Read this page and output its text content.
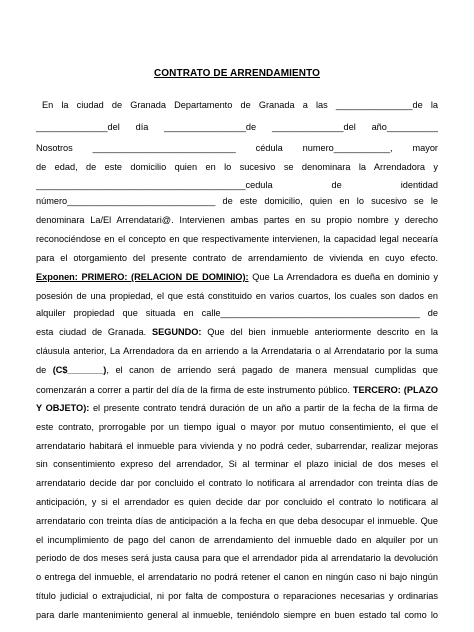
CONTRATO DE ARRENDAMIENTO
En la ciudad de Granada Departamento de Granada a las _______________de la
______________del día ________________de ______________del año__________
Nosotros ____________________________ cédula numero___________, mayor
de edad, de este domicilio quien en lo sucesivo se denominara la Arrendadora y
_________________________________________cedula de identidad
número_____________________________ de este domicilio, quien en lo sucesivo se le
denominara La/El Arrendatari@. Intervienen ambas partes en su propio nombre y derecho
reconociéndose en el concepto en que respectivamente intervienen, la capacidad legal necearía
para el otorgamiento del presente contrato de arrendamiento de vivienda en cuyo efecto.
Exponen: PRIMERO: (RELACION DE DOMINIO): Que La Arrendadora es dueña en dominio y
posesión de una propiedad, el que está constituido en varios cuartos, los cuales son dados en
alquiler propiedad que situada en calle_______________________________________ de
esta ciudad de Granada. SEGUNDO: Que del bien inmueble anteriormente descrito en la
cláusula anterior, La Arrendadora da en arriendo a la Arrendataria o al Arrendatario por la suma
de (C$_______), el canon de arriendo será pagado de manera mensual cumplidas que
comenzarán a correr a partir del día de la firma de este instrumento público. TERCERO: (PLAZO
Y OBJETO): el presente contrato tendrá duración de un año a partir de la fecha de la firma de
este contrato, prorrogable por un tiempo igual o mayor por mutuo consentimiento, el que el
arrendatario habitará el inmueble para vivienda y no podrá ceder, subarrendar, realizar mejoras
sin consentimiento expreso del arrendador, Si al terminar el plazo inicial de dos meses el
arrendatario decide dar por concluido el contrato lo notificara al arrendador con treinta días de
anticipación, y si el arrendador es quien decide dar por concluido el contrato lo notificara al
arrendatario con treinta días de anticipación a la fecha en que deba desocupar el inmueble. Que
el incumplimiento de pago del canon de arrendamiento del inmueble dado en alquiler por un
periodo de dos meses será justa causa para que el arrendador pida al arrendatario la devolución
o entrega del inmueble, el arrendatario no podrá retener el canon en ningún caso ni bajo ningún
título judicial o extrajudicial, ni por falta de compostura o reparaciones necesarias y ordinarias
para darle mantenimiento general al inmueble, teniéndolo siempre en buen estado tal como lo
